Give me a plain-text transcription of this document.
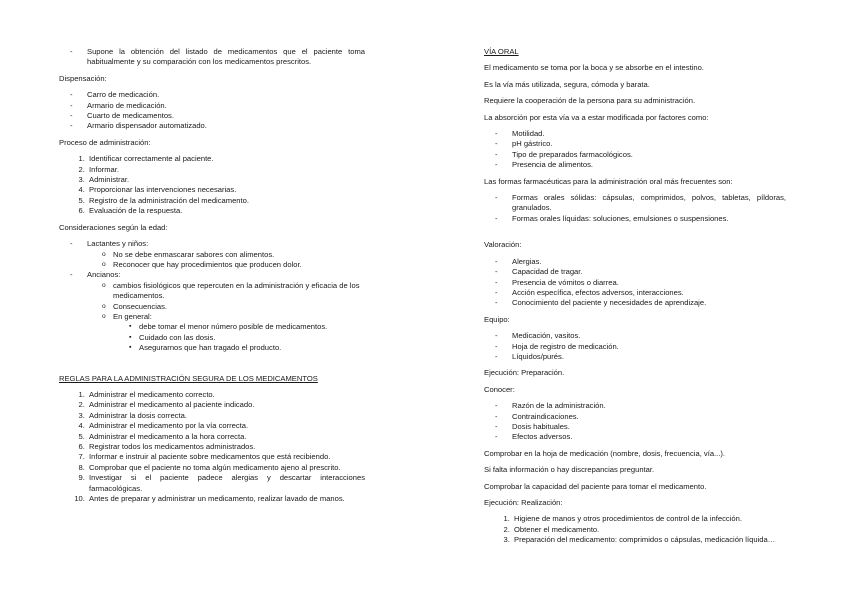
- Supone la obtención del listado de medicamentos que el paciente toma habitualmente y su comparación con los medicamentos prescritos.

Dispensación:

- Carro de medicación.
- Armario de medicación.
- Cuarto de medicamentos.
- Armario dispensador automatizado.

Proceso de administración:

1. Identificar correctamente al paciente.
2. Informar.
3. Administrar.
4. Proporcionar las intervenciones necesarias.
5. Registro de la administración del medicamento.
6. Evaluación de la respuesta.

Consideraciones según la edad:

- Lactantes y niños:
o No se debe enmascarar sabores con alimentos.
o Reconocer que hay procedimientos que producen dolor.
- Ancianos:
o cambios fisiológicos que repercuten en la administración y eficacia de los medicamentos.
o Consecuencias.
o En general:
▪ debe tomar el menor número posible de medicamentos.
▪ Cuidado con las dosis.
▪ Asegurarnos que han tragado el producto.

REGLAS PARA LA ADMINISTRACIÓN SEGURA DE LOS MEDICAMENTOS

1. Administrar el medicamento correcto.
2. Administrar el medicamento al paciente indicado.
3. Administrar la dosis correcta.
4. Administrar el medicamento por la vía correcta.
5. Administrar el medicamento a la hora correcta.
6. Registrar todos los medicamentos administrados.
7. Informar e instruir al paciente sobre medicamentos que está recibiendo.
8. Comprobar que el paciente no toma algún medicamento ajeno al prescrito.
9. Investigar si el paciente padece alergias y descartar interacciones farmacológicas.
10. Antes de preparar y administrar un medicamento, realizar lavado de manos.

VÍA ORAL

El medicamento se toma por la boca y se absorbe en el intestino.

Es la vía más utilizada, segura, cómoda y barata.

Requiere la cooperación de la persona para su administración.

La absorción por esta vía va a estar modificada por factores como:

- Motilidad.
- pH gástrico.
- Tipo de preparados farmacológicos.
- Presencia de alimentos.

Las formas farmacéuticas para la administración oral más frecuentes son:

- Formas orales sólidas: cápsulas, comprimidos, polvos, tabletas, píldoras, granulados.
- Formas orales líquidas: soluciones, emulsiones o suspensiones.

Valoración:

- Alergias.
- Capacidad de tragar.
- Presencia de vómitos o diarrea.
- Acción específica, efectos adversos, interacciones.
- Conocimiento del paciente y necesidades de aprendizaje.

Equipo:

- Medicación, vasitos.
- Hoja de registro de medicación.
- Líquidos/purés.

Ejecución: Preparación.

Conocer:

- Razón de la administración.
- Contraindicaciones.
- Dosis habituales.
- Efectos adversos.

Comprobar en la hoja de medicación (nombre, dosis, frecuencia, vía...).

Si falta información o hay discrepancias preguntar.

Comprobar la capacidad del paciente para tomar el medicamento.

Ejecución: Realización:

1. Higiene de manos y otros procedimientos de control de la infección.
2. Obtener el medicamento.
3. Preparación del medicamento: comprimidos o cápsulas, medicación líquida…
